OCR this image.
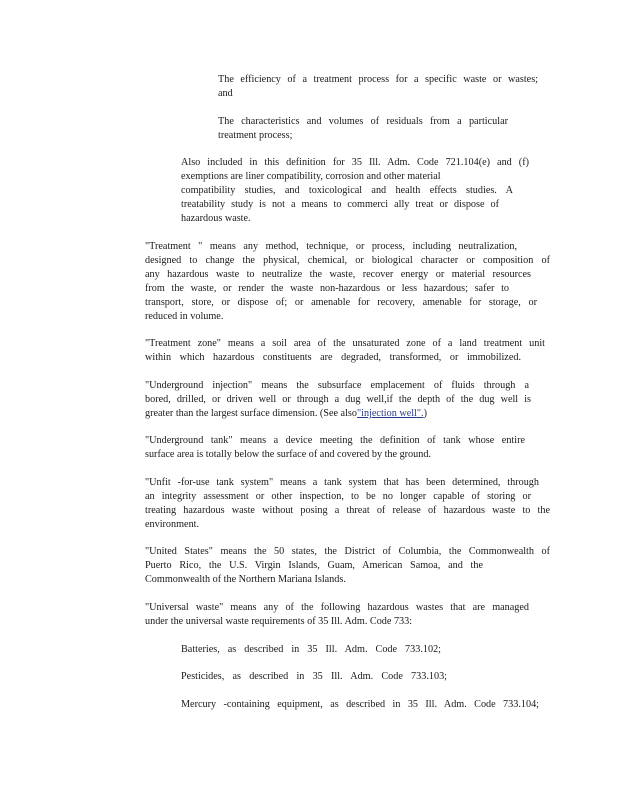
The efficiency of a treatment process for a specific waste or wastes;
and
The characteristics and volumes of residuals from a particular
treatment process;
Also included in this definition for 35 Ill. Adm. Code 721.104(e) and (f)
exemptions are liner compatibility, corrosion and other material
compatibility studies, and toxicological and health effects studies. A
treatability study is not a means to commerci ally treat or dispose of
hazardous waste.
"Treatment " means any method, technique, or process, including neutralization,
designed to change the physical, chemical, or biological character or composition of
any hazardous waste to neutralize the waste, recover energy or material resources
from the waste, or render the waste non-hazardous or less hazardous; safer to
transport, store, or dispose of; or amenable for recovery, amenable for storage, or
reduced in volume.
"Treatment zone" means a soil area of the unsaturated zone of a land treatment unit
within which hazardous constituents are degraded, transformed, or immobilized.
"Underground injection" means the subsurface emplacement of fluids through a
bored, drilled, or driven well or through a dug well,if the depth of the dug well is
greater than the largest surface dimension. (See also"injection well".)
"Underground tank" means a device meeting the definition of tank whose entire
surface area is totally below the surface of and covered by the ground.
"Unfit -for-use tank system" means a tank system that has been determined, through
an integrity assessment or other inspection, to be no longer capable of storing or
treating hazardous waste without posing a threat of release of hazardous waste to the
environment.
"United States" means the 50 states, the District of Columbia, the Commonwealth of
Puerto Rico, the U.S. Virgin Islands, Guam, American Samoa, and the
Commonwealth of the Northern Mariana Islands.
"Universal waste" means any of the following hazardous wastes that are managed
under the universal waste requirements of 35 Ill. Adm. Code 733:
Batteries, as described in 35 Ill. Adm. Code 733.102;
Pesticides, as described in 35 Ill. Adm. Code 733.103;
Mercury -containing equipment, as described in 35 Ill. Adm. Code 733.104;
